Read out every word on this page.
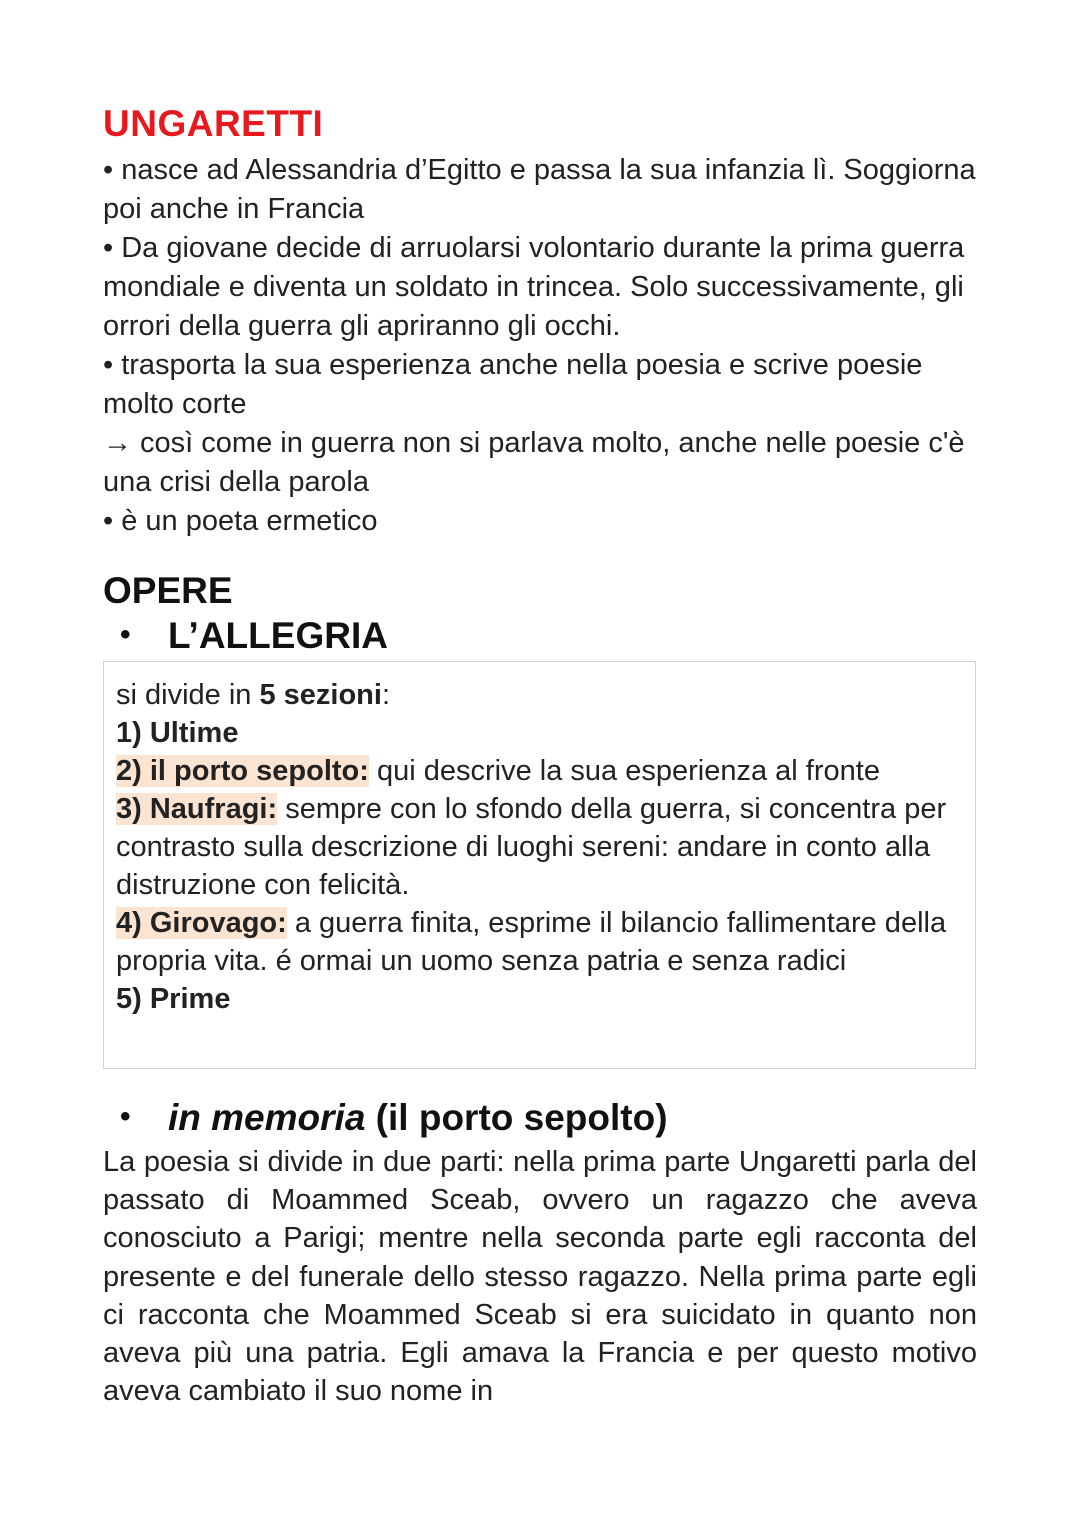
UNGARETTI

• nasce ad Alessandria d’Egitto e passa la sua infanzia lì. Soggiorna poi anche in Francia

• Da giovane decide di arruolarsi volontario durante la prima guerra mondiale e diventa un soldato in trincea. Solo successivamente, gli orrori della guerra gli apriranno gli occhi.

• trasporta la sua esperienza anche nella poesia e scrive poesie molto corte

→ così come in guerra non si parlava molto, anche nelle poesie c'è una crisi della parola

• è un poeta ermetico

OPERE
• L’ALLEGRIA

si divide in 5 sezioni:

1) Ultime

2) il porto sepolto: qui descrive la sua esperienza al fronte

3) Naufragi: sempre con lo sfondo della guerra, si concentra per contrasto sulla descrizione di luoghi sereni: andare in conto alla distruzione con felicità.

4) Girovago: a guerra finita, esprime il bilancio fallimentare della propria vita. é ormai un uomo senza patria e senza radici

5) Prime

• in memoria (il porto sepolto)

La poesia si divide in due parti: nella prima parte Ungaretti parla del passato di Moammed Sceab, ovvero un ragazzo che aveva conosciuto a Parigi; mentre nella seconda parte egli racconta del presente e del funerale dello stesso ragazzo. Nella prima parte egli ci racconta che Moammed Sceab si era suicidato in quanto non aveva più una patria. Egli amava la Francia e per questo motivo aveva cambiato il suo nome in
